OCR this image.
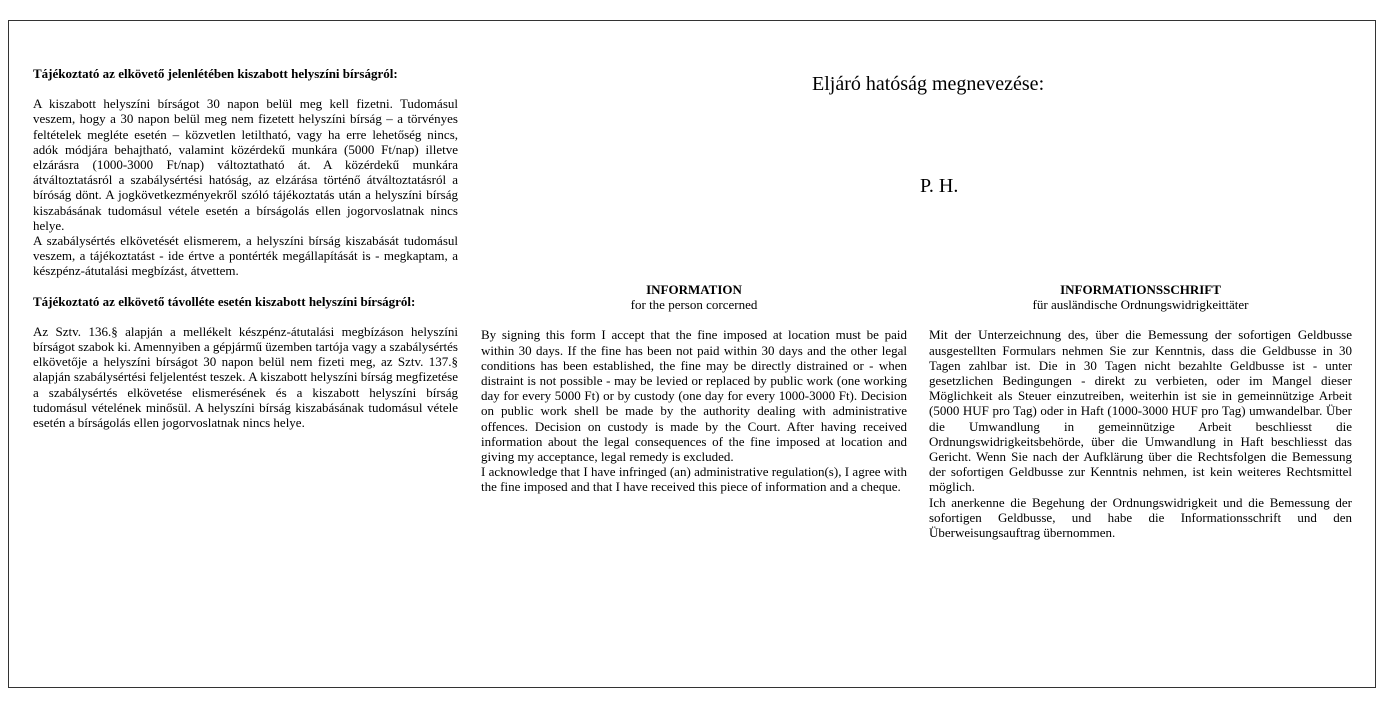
Tájékoztató az elkövető jelenlétében kiszabott helyszíni bírságról:

A kiszabott helyszíni bírságot 30 napon belül meg kell fizetni. Tudomásul veszem, hogy a 30 napon belül meg nem fizetett helyszíni bírság – a törvényes feltételek megléte esetén – közvetlen letiltható, vagy ha erre lehetőség nincs, adók módjára behajtható, valamint közérdekű munkára (5000 Ft/nap) illetve elzárásra (1000-3000 Ft/nap) változtatható át. A közérdekű munkára átváltoztatásról a szabálysértési hatóság, az elzárása történő átváltoztatásról a bíróság dönt. A jogkövetkezményekről szóló tájékoztatás után a helyszíni bírság kiszabásának tudomásul vétele esetén a bírságolás ellen jogorvoslatnak nincs helye.

A szabálysértés elkövetését elismerem, a helyszíni bírság kiszabását tudomásul veszem, a tájékoztatást - ide értve a pontérték megállapítását is - megkaptam, a készpénz-átutalási megbízást, átvettem.

Tájékoztató az elkövető távolléte esetén kiszabott helyszíni bírságról:

Az Sztv. 136.§ alapján a mellékelt készpénz-átutalási megbízáson helyszíni bírságot szabok ki. Amennyiben a gépjármű üzemben tartója vagy a szabálysértés elkövetője a helyszíni bírságot 30 napon belül nem fizeti meg, az Sztv. 137.§ alapján szabálysértési feljelentést teszek. A kiszabott helyszíni bírság megfizetése a szabálysértés elkövetése elismerésének és a kiszabott helyszíni bírság tudomásul vételének minősül. A helyszíni bírság kiszabásának tudomásul vétele esetén a bírságolás ellen jogorvoslatnak nincs helye.

Eljáró hatóság megnevezése:
P. H.

INFORMATION

for the person corcerned

By signing this form I accept that the fine imposed at location must be paid within 30 days. If the fine has been not paid within 30 days and the other legal conditions has been established, the fine may be directly distrained or - when distraint is not possible - may be levied or replaced by public work (one working day for every 5000 Ft) or by custody (one day for every 1000-3000 Ft). Decision on public work shell be made by the authority dealing with administrative offences. Decision on custody is made by the Court. After having received information about the legal consequences of the fine imposed at location and giving my acceptance, legal remedy is excluded.

I acknowledge that I have infringed (an) administrative regulation(s), I agree with the fine imposed and that I have received this piece of information and a cheque.

INFORMATIONSSCHRIFT

für ausländische Ordnungswidrigkeittäter

Mit der Unterzeichnung des, über die Bemessung der sofortigen Geldbusse ausgestellten Formulars nehmen Sie zur Kenntnis, dass die Geldbusse in 30 Tagen zahlbar ist. Die in 30 Tagen nicht bezahlte Geldbusse ist - unter gesetzlichen Bedingungen - direkt zu verbieten, oder im Mangel dieser Möglichkeit als Steuer einzutreiben, weiterhin ist sie in gemeinnützige Arbeit (5000 HUF pro Tag) oder in Haft (1000-3000 HUF pro Tag) umwandelbar. Über die Umwandlung in gemeinnützige Arbeit beschliesst die Ordnungswidrigkeitsbehörde, über die Umwandlung in Haft beschliesst das Gericht. Wenn Sie nach der Aufklärung über die Rechtsfolgen die Bemessung der sofortigen Geldbusse zur Kenntnis nehmen, ist kein weiteres Rechtsmittel möglich.

Ich anerkenne die Begehung der Ordnungswidrigkeit und die Bemessung der sofortigen Geldbusse, und habe die Informationsschrift und den Überweisungsauftrag übernommen.
